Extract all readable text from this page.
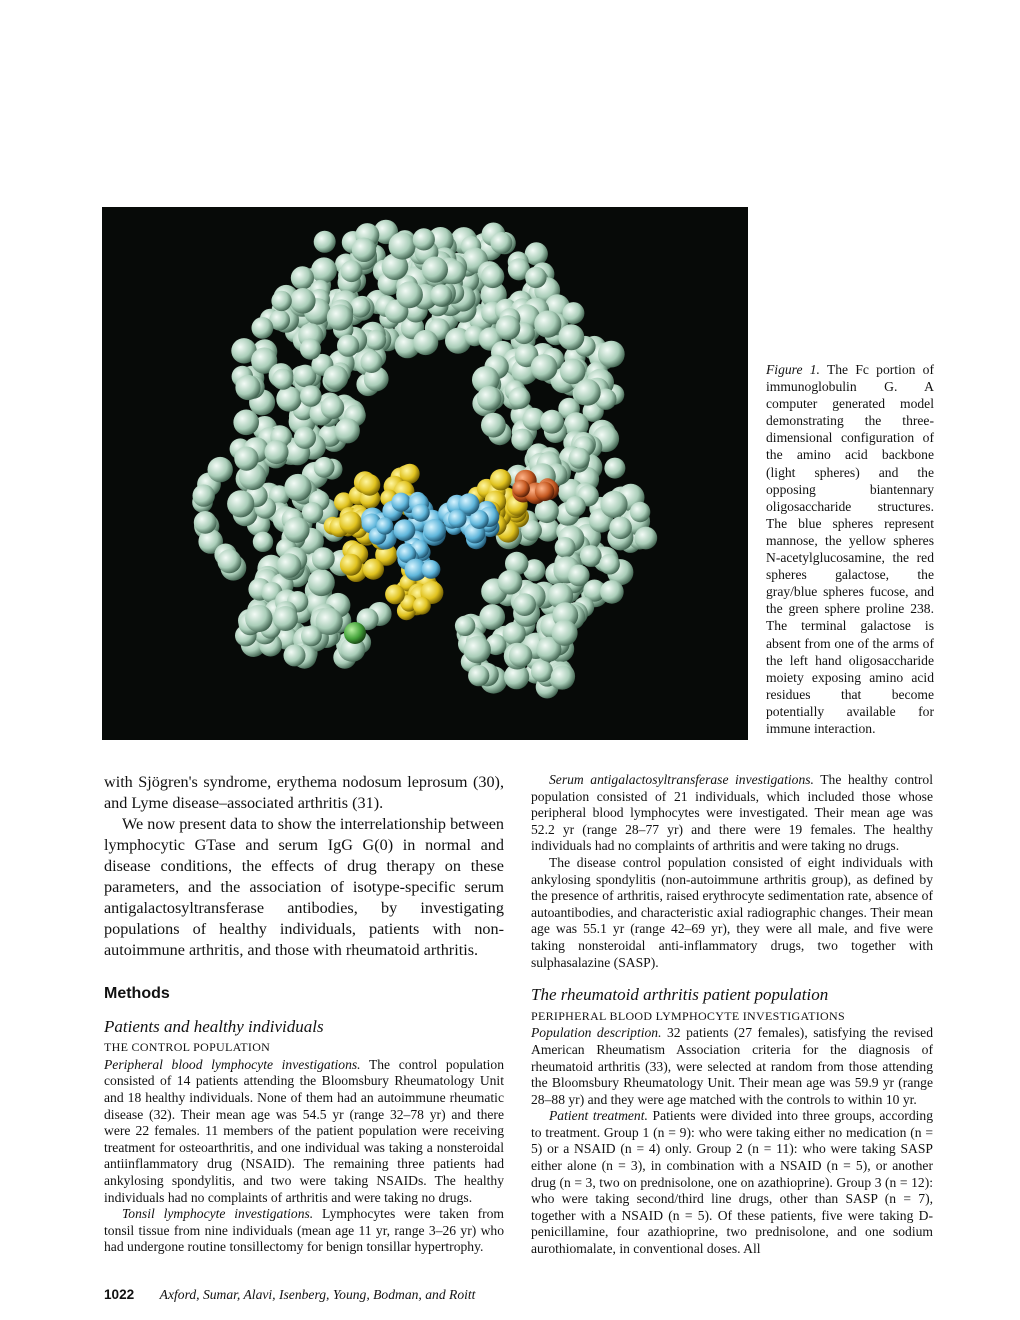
Figure 1. The Fc portion of immunoglobulin G. A computer generated model demonstrating the three-dimensional configuration of the amino acid backbone (light spheres) and the opposing biantennary oligosaccharide structures. The blue spheres represent mannose, the yellow spheres N-acetylglucosamine, the red spheres galactose, the gray/blue spheres fucose, and the green sphere proline 238. The terminal galactose is absent from one of the arms of the left hand oligosaccharide moiety exposing amino acid residues that become potentially available for immune interaction.

with Sjögren's syndrome, erythema nodosum leprosum (30), and Lyme disease–associated arthritis (31).

We now present data to show the interrelationship between lymphocytic GTase and serum IgG G(0) in normal and disease conditions, the effects of drug therapy on these parameters, and the association of isotype-specific serum antigalactosyltransferase antibodies, by investigating populations of healthy individuals, patients with non-autoimmune arthritis, and those with rheumatoid arthritis.

Methods
Patients and healthy individuals
THE CONTROL POPULATION

Peripheral blood lymphocyte investigations. The control population consisted of 14 patients attending the Bloomsbury Rheumatology Unit and 18 healthy individuals. None of them had an autoimmune rheumatic disease (32). Their mean age was 54.5 yr (range 32–78 yr) and there were 22 females. 11 members of the patient population were receiving treatment for osteoarthritis, and one individual was taking a nonsteroidal antiinflammatory drug (NSAID). The remaining three patients had ankylosing spondylitis, and two were taking NSAIDs. The healthy individuals had no complaints of arthritis and were taking no drugs.

Tonsil lymphocyte investigations. Lymphocytes were taken from tonsil tissue from nine individuals (mean age 11 yr, range 3–26 yr) who had undergone routine tonsillectomy for benign tonsillar hypertrophy.

Serum antigalactosyltransferase investigations. The healthy control population consisted of 21 individuals, which included those whose peripheral blood lymphocytes were investigated. Their mean age was 52.2 yr (range 28–77 yr) and there were 19 females. The healthy individuals had no complaints of arthritis and were taking no drugs.

The disease control population consisted of eight individuals with ankylosing spondylitis (non-autoimmune arthritis group), as defined by the presence of arthritis, raised erythrocyte sedimentation rate, absence of autoantibodies, and characteristic axial radiographic changes. Their mean age was 55.1 yr (range 42–69 yr), they were all male, and five were taking nonsteroidal anti-inflammatory drugs, two together with sulphasalazine (SASP).

The rheumatoid arthritis patient population
PERIPHERAL BLOOD LYMPHOCYTE INVESTIGATIONS

Population description. 32 patients (27 females), satisfying the revised American Rheumatism Association criteria for the diagnosis of rheumatoid arthritis (33), were selected at random from those attending the Bloomsbury Rheumatology Unit. Their mean age was 59.9 yr (range 28–88 yr) and they were age matched with the controls to within 10 yr.

Patient treatment. Patients were divided into three groups, according to treatment. Group 1 (n = 9): who were taking either no medication (n = 5) or a NSAID (n = 4) only. Group 2 (n = 11): who were taking SASP either alone (n = 3), in combination with a NSAID (n = 5), or another drug (n = 3, two on prednisolone, one on azathioprine). Group 3 (n = 12): who were taking second/third line drugs, other than SASP (n = 7), together with a NSAID (n = 5). Of these patients, five were taking D-penicillamine, four azathioprine, two prednisolone, and one sodium aurothiomalate, in conventional doses. All

1022 Axford, Sumar, Alavi, Isenberg, Young, Bodman, and Roitt
